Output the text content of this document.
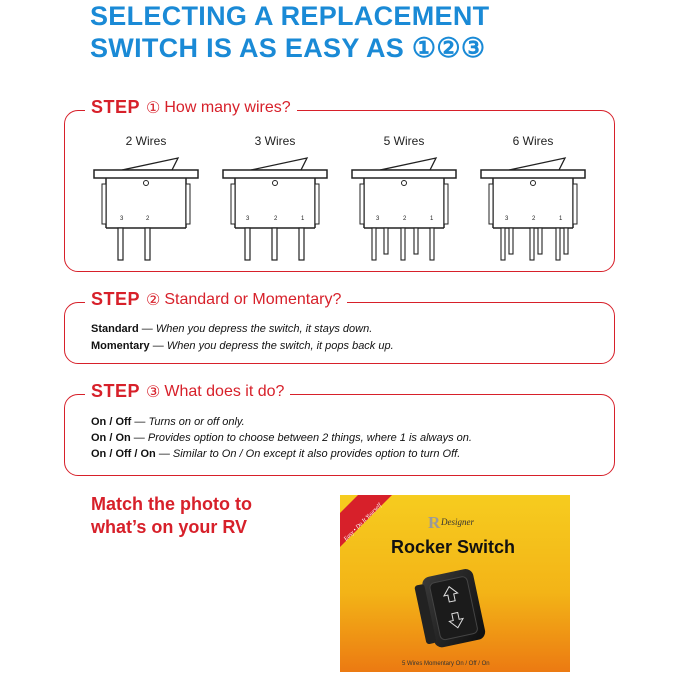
SELECTING A REPLACEMENT
SWITCH IS AS EASY AS ①②③
STEP ① How many wires?
2 Wires	3 Wires	5 Wires	6 Wires
3	2	3	2	1	3	2	1	3	2	1
STEP ② Standard or Momentary?
Standard — When you depress the switch, it stays down.
Momentary — When you depress the switch, it pops back up.
STEP ③ What does it do?
On / Off — Turns on or off only.
On / On — Provides option to choose between 2 things, where 1 is always on.
On / Off / On — Similar to On / On except it also provides option to turn Off.
Match the photo to
what’s on your RV	Easy • Do It Yourself	R Designer
Rocker Switch
5 Wires Momentary On / Off / On
